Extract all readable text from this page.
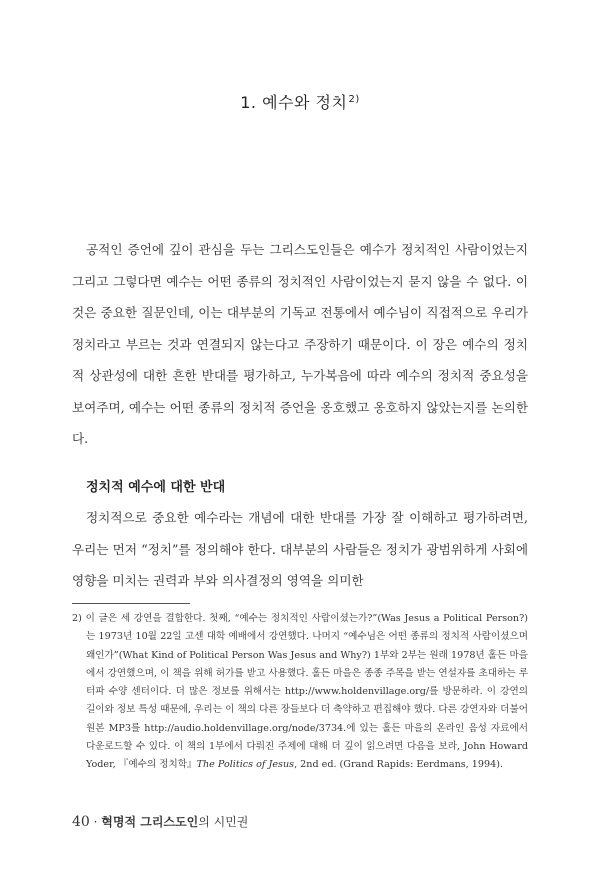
1. 예수와 정치$^{2)}$

공적인 증언에 깊이 관심을 두는 그리스도인들은 예수가 정치적인 사람이었는지 그리고 그렇다면 예수는 어떤 종류의 정치적인 사람이었는지 묻지 않을 수 없다. 이것은 중요한 질문인데, 이는 대부분의 기독교 전통에서 예수님이 직접적으로 우리가 정치라고 부르는 것과 연결되지 않는다고 주장하기 때문이다. 이 장은 예수의 정치적 상관성에 대한 흔한 반대를 평가하고, 누가복음에 따라 예수의 정치적 중요성을 보여주며, 예수는 어떤 종류의 정치적 증언을 옹호했고 옹호하지 않았는지를 논의한다.

정치적 예수에 대한 반대

정치적으로 중요한 예수라는 개념에 대한 반대를 가장 잘 이해하고 평가하려면, 우리는 먼저 “정치”를 정의해야 한다. 대부분의 사람들은 정치가 광범위하게 사회에 영향을 미치는 권력과 부와 의사결정의 영역을 의미한

2) 이 글은 세 강연을 결합한다. 첫째, “예수는 정치적인 사람이셨는가?”(Was Jesus a Political Person?)는 1973년 10월 22일 고센 대학 예배에서 강연했다. 나머지 “예수님은 어떤 종류의 정치적 사람이셨으며 왜인가”(What Kind of Political Person Was Jesus and Why?) 1부와 2부는 원래 1978년 홀든 마을에서 강연했으며, 이 책을 위해 허가를 받고 사용했다. 홀든 마을은 종종 주목을 받는 연설자를 초대하는 루터파 수양 센터이다. 더 많은 정보를 위해서는 http://www.holdenvillage.org/를 방문하라. 이 강연의 길이와 정보 특성 때문에, 우리는 이 책의 다른 장들보다 더 축약하고 편집해야 했다. 다른 강연자와 더불어 원본 MP3를 http://audio.holdenvillage.org/node/3734.에 있는 홀든 마을의 온라인 음성 자료에서 다운로드할 수 있다. 이 책의 1부에서 다뤄진 주제에 대해 더 깊이 읽으려면 다음을 보라, John Howard Yoder, 『예수의 정치학』The Politics of Jesus, 2nd ed. (Grand Rapids: Eerdmans, 1994).

40 · 혁명적 그리스도인의 시민권
